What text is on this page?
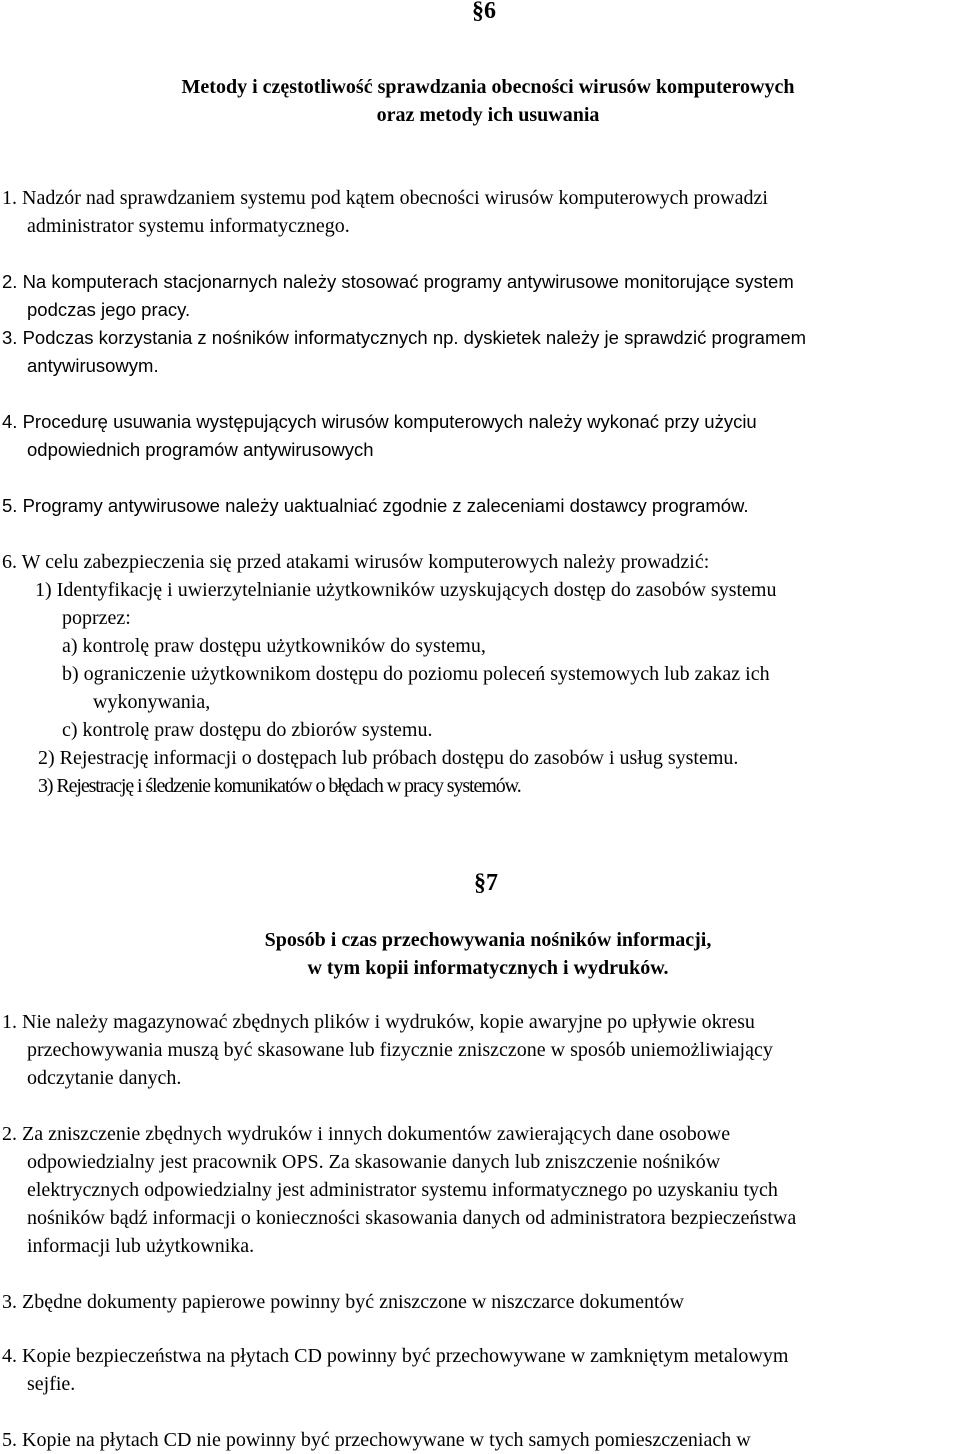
§6
Metody i częstotliwość sprawdzania obecności wirusów komputerowych
oraz metody ich usuwania
1. Nadzór nad sprawdzaniem systemu pod kątem obecności wirusów komputerowych prowadzi
administrator systemu informatycznego.
2. Na komputerach stacjonarnych należy stosować programy antywirusowe monitorujące system
podczas jego pracy.
3. Podczas korzystania z nośników informatycznych np. dyskietek należy je sprawdzić programem
antywirusowym.
4. Procedurę usuwania występujących wirusów komputerowych należy wykonać przy użyciu
odpowiednich programów antywirusowych
5. Programy antywirusowe należy uaktualniać zgodnie z zaleceniami dostawcy programów.
6. W celu zabezpieczenia się przed atakami wirusów komputerowych należy prowadzić:
1) Identyfikację i uwierzytelnianie użytkowników uzyskujących dostęp do zasobów systemu
poprzez:
a) kontrolę praw dostępu użytkowników do systemu,
b) ograniczenie użytkownikom dostępu do poziomu poleceń systemowych lub zakaz ich
wykonywania,
c) kontrolę praw dostępu do zbiorów systemu.
2) Rejestrację informacji o dostępach lub próbach dostępu do zasobów i usług systemu.
3) Rejestrację i śledzenie komunikatów o błędach w pracy systemów.
§7
Sposób i czas przechowywania nośników informacji,
w tym kopii informatycznych i wydruków.
1. Nie należy magazynować zbędnych plików i wydruków, kopie awaryjne po upływie okresu
przechowywania muszą być skasowane lub fizycznie zniszczone w sposób uniemożliwiający
odczytanie danych.
2. Za zniszczenie zbędnych wydruków i innych dokumentów zawierających dane osobowe
odpowiedzialny jest pracownik OPS. Za skasowanie danych lub zniszczenie nośników
elektrycznych odpowiedzialny jest administrator systemu informatycznego po uzyskaniu tych
nośników bądź informacji o konieczności skasowania danych od administratora bezpieczeństwa
informacji lub użytkownika.
3. Zbędne dokumenty papierowe powinny być zniszczone w niszczarce dokumentów
4. Kopie bezpieczeństwa na płytach CD powinny być przechowywane w zamkniętym metalowym
sejfie.
5. Kopie na płytach CD nie powinny być przechowywane w tych samych pomieszczeniach w
